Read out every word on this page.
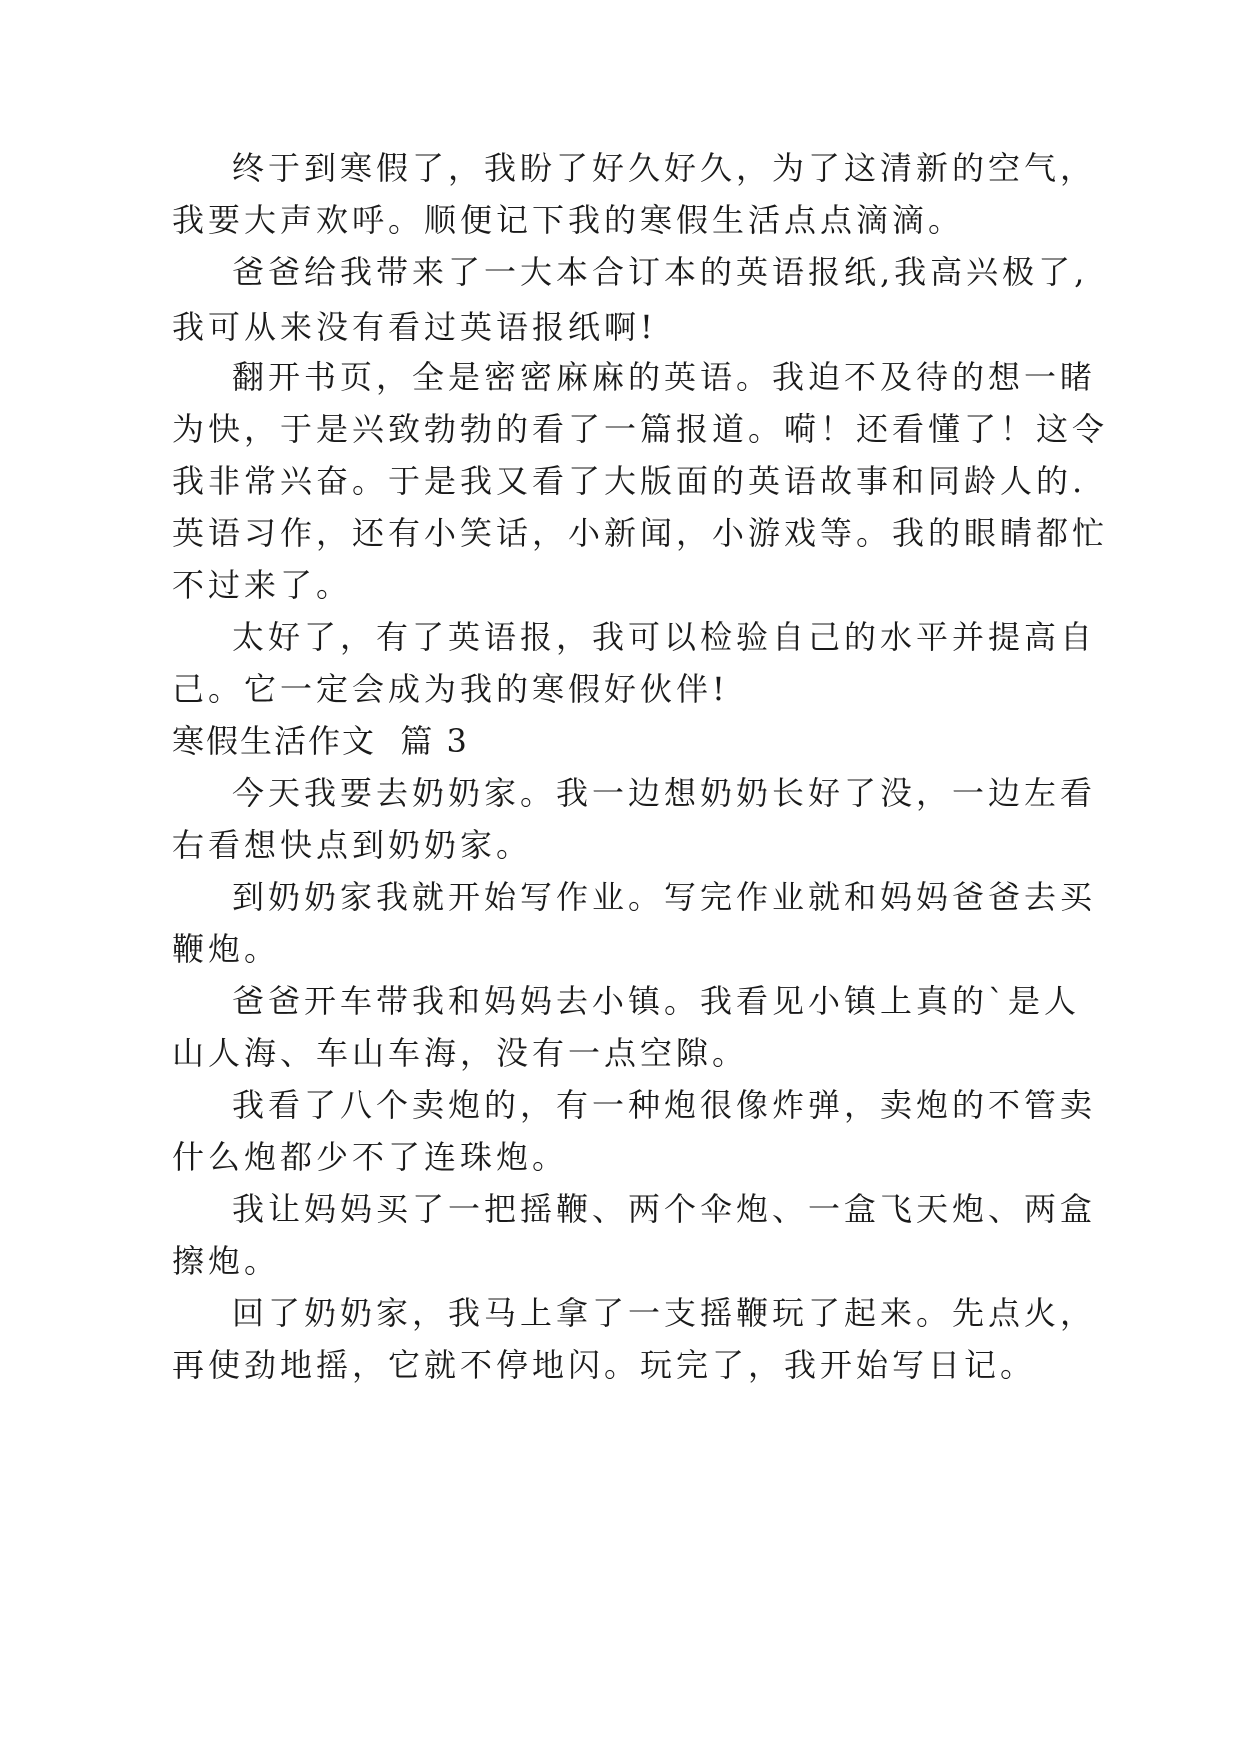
终于到寒假了，我盼了好久好久，为了这清新的空气，
我要大声欢呼。顺便记下我的寒假生活点点滴滴。
爸爸给我带来了一大本合订本的英语报纸,我高兴极了,
我可从来没有看过英语报纸啊!
翻开书页，全是密密麻麻的英语。我迫不及待的想一睹
为快，于是兴致勃勃的看了一篇报道。嗬！还看懂了！这令
我非常兴奋。于是我又看了大版面的英语故事和同龄人的.
英语习作，还有小笑话，小新闻，小游戏等。我的眼睛都忙
不过来了。
太好了，有了英语报，我可以检验自己的水平并提高自
己。它一定会成为我的寒假好伙伴!
寒假生活作文  篇 3
今天我要去奶奶家。我一边想奶奶长好了没，一边左看
右看想快点到奶奶家。
到奶奶家我就开始写作业。写完作业就和妈妈爸爸去买
鞭炮。
爸爸开车带我和妈妈去小镇。我看见小镇上真的`是人
山人海、车山车海，没有一点空隙。
我看了八个卖炮的，有一种炮很像炸弹，卖炮的不管卖
什么炮都少不了连珠炮。
我让妈妈买了一把摇鞭、两个伞炮、一盒飞天炮、两盒
擦炮。
回了奶奶家，我马上拿了一支摇鞭玩了起来。先点火，
再使劲地摇，它就不停地闪。玩完了，我开始写日记。
